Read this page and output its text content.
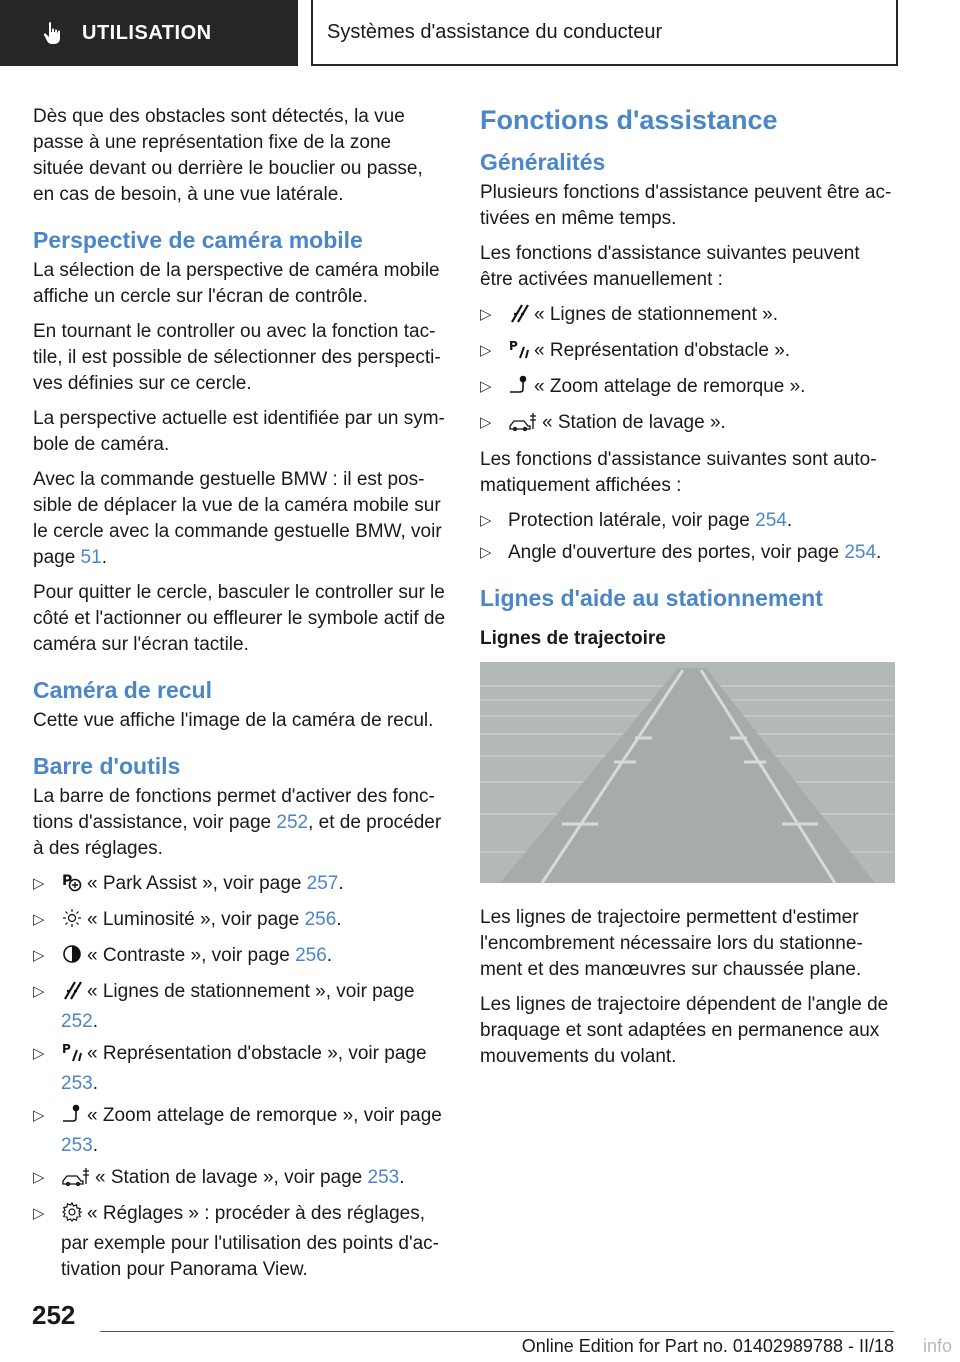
UTILISATION	Systèmes d'assistance du conducteur

Dès que des obstacles sont détectés, la vue passe à une représentation fixe de la zone située devant ou derrière le bouclier ou passe, en cas de besoin, à une vue latérale.

Perspective de caméra mobile

La sélection de la perspective de caméra mobile affiche un cercle sur l'écran de contrôle.

En tournant le controller ou avec la fonction tac-tile, il est possible de sélectionner des perspecti-ves définies sur ce cercle.

La perspective actuelle est identifiée par un sym-bole de caméra.

Avec la commande gestuelle BMW : il est pos-sible de déplacer la vue de la caméra mobile sur le cercle avec la commande gestuelle BMW, voir page 51.

Pour quitter le cercle, basculer le controller sur le côté et l'actionner ou effleurer le symbole actif de caméra sur l'écran tactile.

Caméra de recul

Cette vue affiche l'image de la caméra de recul.

Barre d'outils

La barre de fonctions permet d'activer des fonc-tions d'assistance, voir page 252, et de procéder à des réglages.

▷	P « Park Assist », voir page 257.
▷	« Luminosité », voir page 256.
▷	« Contraste », voir page 256.
▷	« Lignes de stationnement », voir page 252.
▷	P « Représentation d'obstacle », voir page 253.
▷	« Zoom attelage de remorque », voir page 253.
▷	« Station de lavage », voir page 253.
▷	« Réglages » : procéder à des réglages, par exemple pour l'utilisation des points d'ac-tivation pour Panorama View.
Fonctions d'assistance
Généralités

Plusieurs fonctions d'assistance peuvent être ac-tivées en même temps.

Les fonctions d'assistance suivantes peuvent être activées manuellement :

▷	« Lignes de stationnement ».
▷	P « Représentation d'obstacle ».
▷	« Zoom attelage de remorque ».
▷	« Station de lavage ».

Les fonctions d'assistance suivantes sont auto-matiquement affichées :

▷ Protection latérale, voir page 254.
▷ Angle d'ouverture des portes, voir page 254.
Lignes d'aide au stationnement
Lignes de trajectoire

Les lignes de trajectoire permettent d'estimer l'encombrement nécessaire lors du stationne-ment et des manœuvres sur chaussée plane.

Les lignes de trajectoire dépendent de l'angle de braquage et sont adaptées en permanence aux mouvements du volant.

252
Online Edition for Part no. 01402989788 - II/18 info
